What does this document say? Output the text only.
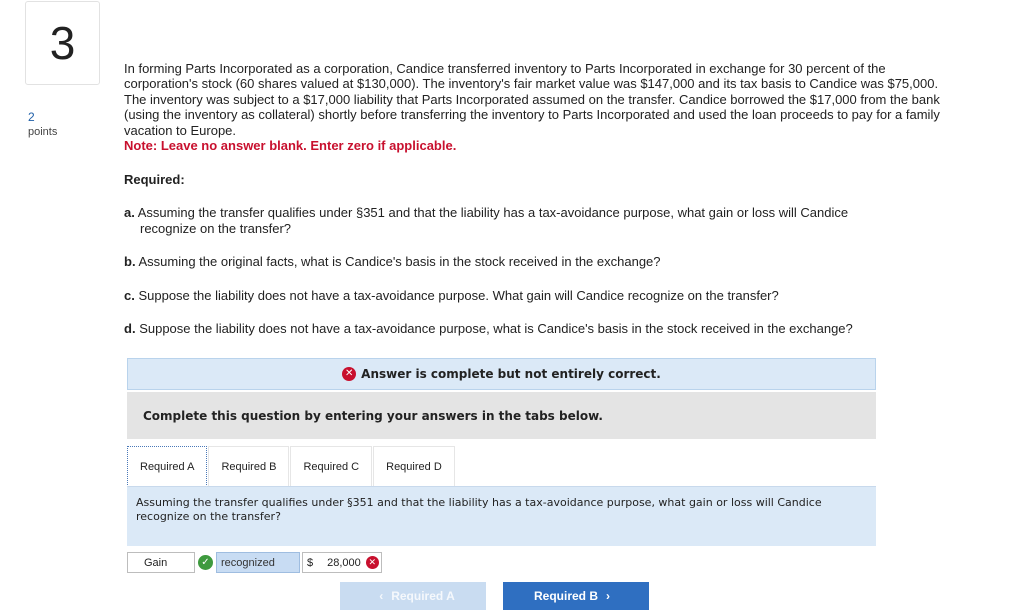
3
2
points
In forming Parts Incorporated as a corporation, Candice transferred inventory to Parts Incorporated in exchange for 30 percent of the corporation's stock (60 shares valued at $130,000). The inventory's fair market value was $147,000 and its tax basis to Candice was $75,000. The inventory was subject to a $17,000 liability that Parts Incorporated assumed on the transfer. Candice borrowed the $17,000 from the bank (using the inventory as collateral) shortly before transferring the inventory to Parts Incorporated and used the loan proceeds to pay for a family vacation to Europe.
Note: Leave no answer blank. Enter zero if applicable.
Required:
a. Assuming the transfer qualifies under §351 and that the liability has a tax-avoidance purpose, what gain or loss will Candice
recognize on the transfer?
b. Assuming the original facts, what is Candice's basis in the stock received in the exchange?
c. Suppose the liability does not have a tax-avoidance purpose. What gain will Candice recognize on the transfer?
d. Suppose the liability does not have a tax-avoidance purpose, what is Candice's basis in the stock received in the exchange?
✕ Answer is complete but not entirely correct.
Complete this question by entering your answers in the tabs below.
Required A	Required B	Required C	Required D
Assuming the transfer qualifies under §351 and that the liability has a tax-avoidance purpose, what gain or loss will Candice
recognize on the transfer?
Gain	✓	recognized	$ 28,000 ✕
‹ Required A	Required B ›
